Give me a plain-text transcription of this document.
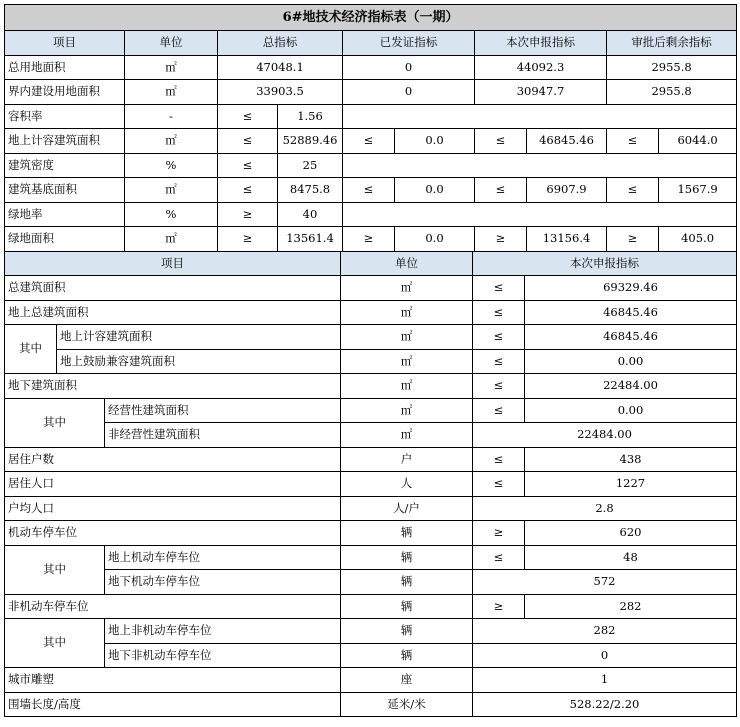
6#地技术经济指标表（一期）									
项目	单位	总指标		已发证指标		本次申报指标		审批后剩余指标	
总用地面积	㎡	47048.1		0		44092.3		2955.8	
界内建设用地面积	㎡	33903.5		0		30947.7		2955.8	
容积率	-	≤	1.56						
地上计容建筑面积	㎡	≤	52889.46	≤	0.0	≤	46845.46	≤	6044.0
建筑密度	%	≤	25						
建筑基底面积	㎡	≤	8475.8	≤	0.0	≤	6907.9	≤	1567.9
绿地率	%	≥	40						
绿地面积	㎡	≥	13561.4	≥	0.0	≥	13156.4	≥	405.0
项目			单位	本次申报指标	
总建筑面积			㎡	≤	69329.46
地上总建筑面积			㎡	≤	46845.46
其中	地上计容建筑面积		㎡	≤	46845.46
	地上鼓励兼容建筑面积		㎡	≤	0.00
地下建筑面积			㎡	≤	22484.00
其中		经营性建筑面积	㎡	≤	0.00
		非经营性建筑面积	㎡	22484.00	
居住户数			户	≤	438
居住人口			人	≤	1227
户均人口			人/户	2.8	
机动车停车位			辆	≥	620
其中		地上机动车停车位	辆	≤	48
		地下机动车停车位	辆	572	
非机动车停车位			辆	≥	282
其中		地上非机动车停车位	辆	282	
		地下非机动车停车位	辆	0	
城市雕塑			座	1	
围墙长度/高度			延米/米	528.22/2.20	
